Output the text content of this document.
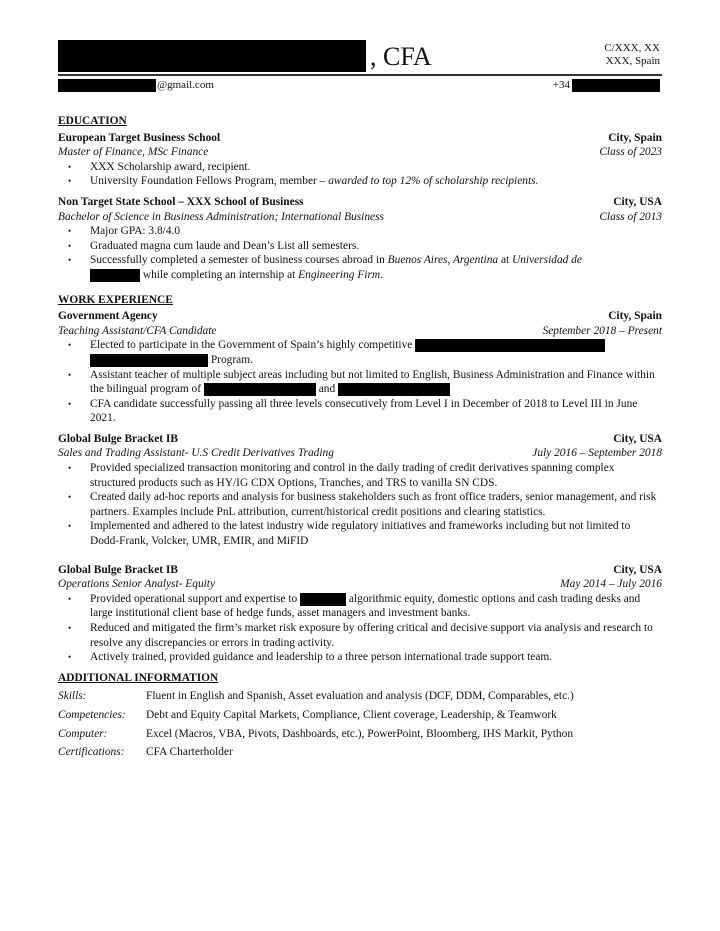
, CFA	C/XXX, XX
XXX, Spain
@gmail.com	+34
EDUCATION
European Target Business School	City, Spain
Master of Finance, MSc Finance	Class of 2023
• XXX Scholarship award, recipient.
• University Foundation Fellows Program, member – awarded to top 12% of scholarship recipients.
Non Target State School – XXX School of Business	City, USA
Bachelor of Science in Business Administration; International Business	Class of 2013
• Major GPA: 3.8/4.0
• Graduated magna cum laude and Dean’s List all semesters.
• Successfully completed a semester of business courses abroad in Buenos Aires, Argentina at Universidad de
while completing an internship at Engineering Firm.
WORK EXPERIENCE
Government Agency	City, Spain
Teaching Assistant/CFA Candidate	September 2018 – Present
• Elected to participate in the Government of Spain’s highly competitive
Program.
• Assistant teacher of multiple subject areas including but not limited to English, Business Administration and Finance within the bilingual program of	and
• CFA candidate successfully passing all three levels consecutively from Level I in December of 2018 to Level III in June 2021.
Global Bulge Bracket IB	City, USA
Sales and Trading Assistant- U.S Credit Derivatives Trading	July 2016 – September 2018
• Provided specialized transaction monitoring and control in the daily trading of credit derivatives spanning complex structured products such as HY/IG CDX Options, Tranches, and TRS to vanilla SN CDS.
• Created daily ad-hoc reports and analysis for business stakeholders such as front office traders, senior management, and risk partners. Examples include PnL attribution, current/historical credit positions and clearing statistics.
• Implemented and adhered to the latest industry wide regulatory initiatives and frameworks including but not limited to Dodd-Frank, Volcker, UMR, EMIR, and MiFID
Global Bulge Bracket IB	City, USA
Operations Senior Analyst- Equity	May 2014 – July 2016
• Provided operational support and expertise to	algorithmic equity, domestic options and cash trading desks and large institutional client base of hedge funds, asset managers and investment banks.
• Reduced and mitigated the firm’s market risk exposure by offering critical and decisive support via analysis and research to resolve any discrepancies or errors in trading activity.
• Actively trained, provided guidance and leadership to a three person international trade support team.
ADDITIONAL INFORMATION
Skills:	Fluent in English and Spanish, Asset evaluation and analysis (DCF, DDM, Comparables, etc.)
Competencies:	Debt and Equity Capital Markets, Compliance, Client coverage, Leadership, & Teamwork
Computer:	Excel (Macros, VBA, Pivots, Dashboards, etc.), PowerPoint, Bloomberg, IHS Markit, Python
Certifications:	CFA Charterholder
